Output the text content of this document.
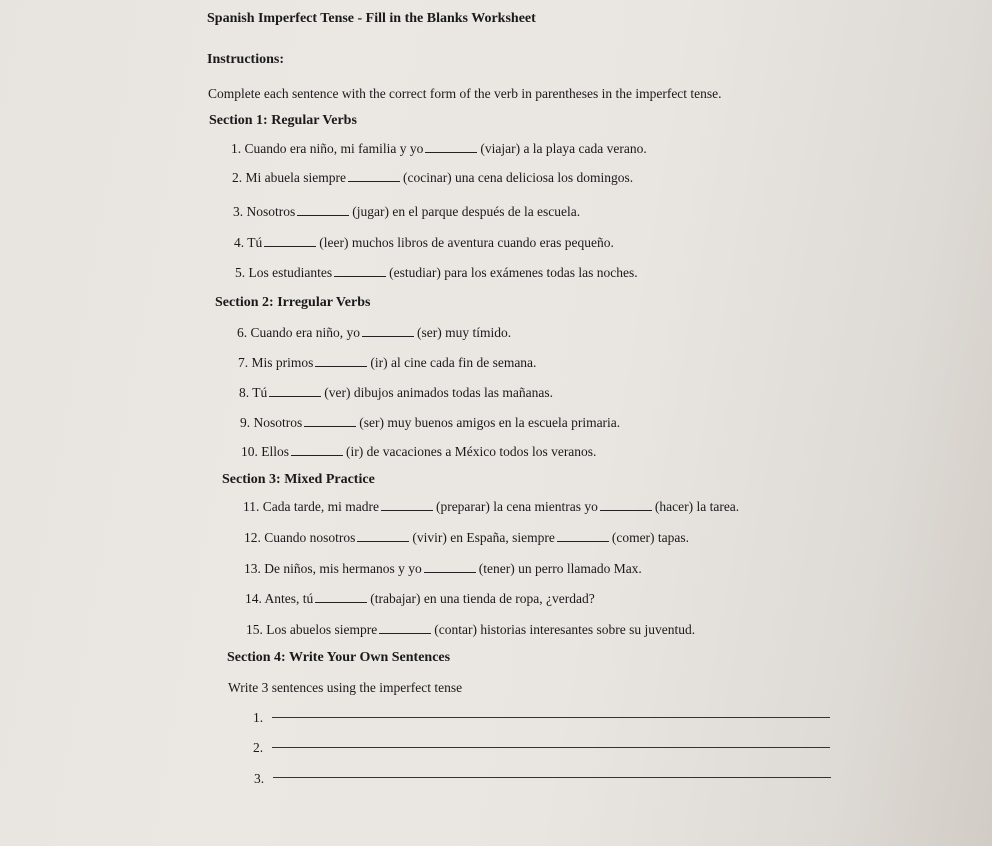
Spanish Imperfect Tense - Fill in the Blanks Worksheet
Instructions:
Complete each sentence with the correct form of the verb in parentheses in the imperfect tense.
Section 1: Regular Verbs
1. Cuando era niño, mi familia y yo	(viajar) a la playa cada verano.
2. Mi abuela siempre	(cocinar) una cena deliciosa los domingos.
3. Nosotros	(jugar) en el parque después de la escuela.
4. Tú	(leer) muchos libros de aventura cuando eras pequeño.
5. Los estudiantes	(estudiar) para los exámenes todas las noches.
Section 2: Irregular Verbs
6. Cuando era niño, yo	(ser) muy tímido.
7. Mis primos	(ir) al cine cada fin de semana.
8. Tú	(ver) dibujos animados todas las mañanas.
9. Nosotros	(ser) muy buenos amigos en la escuela primaria.
10. Ellos	(ir) de vacaciones a México todos los veranos.
Section 3: Mixed Practice
11. Cada tarde, mi madre	(preparar) la cena mientras yo	(hacer) la tarea.
12. Cuando nosotros	(vivir) en España, siempre	(comer) tapas.
13. De niños, mis hermanos y yo	(tener) un perro llamado Max.
14. Antes, tú	(trabajar) en una tienda de ropa, ¿verdad?
15. Los abuelos siempre	(contar) historias interesantes sobre su juventud.
Section 4: Write Your Own Sentences
Write 3 sentences using the imperfect tense
1.
2.
3.
